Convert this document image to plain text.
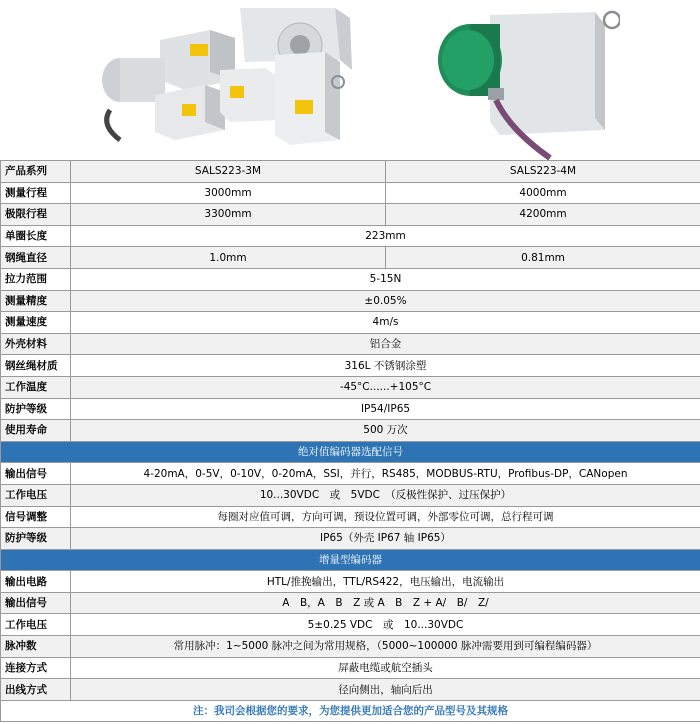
产品系列	SALS223-3M	SALS223-4M
测量行程	3000mm	4000mm
极限行程	3300mm	4200mm
单圈长度	223mm	
钢绳直径	1.0mm	0.81mm
拉力范围	5-15N	
测量精度	±0.05%	
测量速度	4m/s	
外壳材料	铝合金	
钢丝绳材质	316L 不锈钢涂塑	
工作温度	-45°C......+105°C	
防护等级	IP54/IP65	
使用寿命	500 万次	
绝对值编码器选配信号		
输出信号	4-20mA，0-5V，0-10V，0-20mA，SSI，并行，RS485，MODBUS-RTU，Profibus-DP，CANopen	
工作电压	10...30VDC　或　5VDC　（反极性保护、过压保护）	
信号调整	每圈对应值可调，方向可调，预设位置可调，外部零位可调，总行程可调	
防护等级	IP65（外壳 IP67 轴 IP65）	
增量型编码器		
输出电路	HTL/推挽输出，TTL/RS422，电压输出，电流输出	
输出信号	A　B，A　B　Z 或 A　B　Z + A/　B/　Z/	
工作电压	5±0.25 VDC　或　10...30VDC	
脉冲数	常用脉冲：1~5000 脉冲之间为常用规格，（5000~100000 脉冲需要用到可编程编码器）	
连接方式	屏蔽电缆或航空插头	
出线方式	径向侧出，轴向后出	
注：我司会根据您的要求，为您提供更加适合您的产品型号及其规格		
